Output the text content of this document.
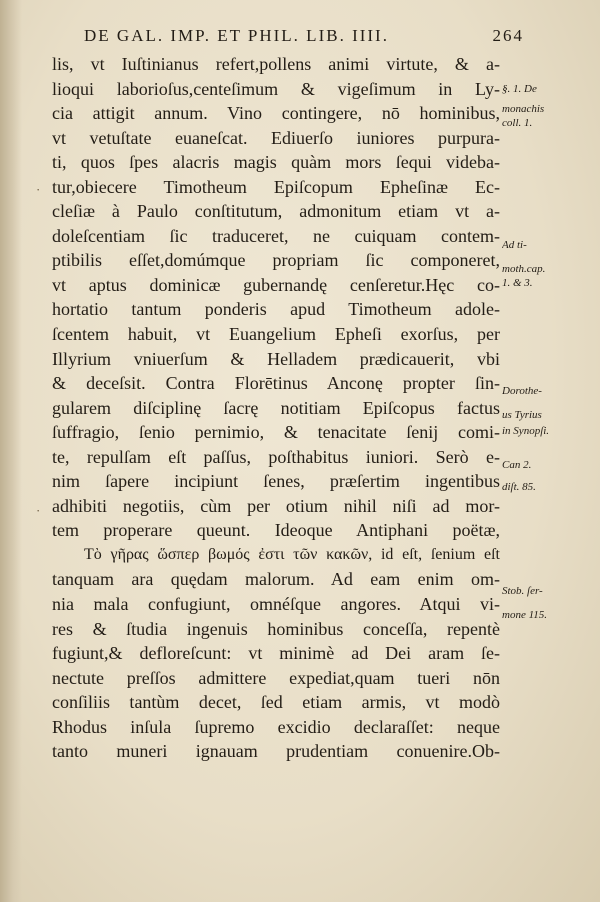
DE GAL. IMP. ET PHIL. LIB. IIII.	264
·
·
lis, vt Iuſtinianus refert,pollens animi virtute, & a-
lioqui laborioſus,centeſimum & vigeſimum in Ly-
cia attigit annum. Vino contingere, nō hominibus,
vt vetuſtate euaneſcat. Ediuerſo iuniores purpura-
ti, quos ſpes alacris magis quàm mors ſequi videba-
tur,obiecere Timotheum Epiſcopum Epheſinæ Ec-
cleſiæ à Paulo conſtitutum, admonitum etiam vt a-
doleſcentiam ſic traduceret, ne cuiquam contem-
ptibilis eſſet,domúmque propriam ſic componeret,
vt aptus dominicæ gubernandę cenſeretur.Hęc co-
hortatio tantum ponderis apud Timotheum adole-
ſcentem habuit, vt Euangelium Epheſi exorſus, per
Illyrium vniuerſum & Helladem prædicauerit, vbi
& deceſsit. Contra Florētinus Anconę propter ſin-
gularem diſciplinę ſacrę notitiam Epiſcopus factus
ſuffragio, ſenio pernimio, & tenacitate ſenij comi-
te, repulſam eſt paſſus, poſthabitus iuniori. Serò e-
nim ſapere incipiunt ſenes, præſertim ingentibus
adhibiti negotiis, cùm per otium nihil niſi ad mor-
tem properare queunt. Ideoque Antiphani poëtæ,
Τὸ γῆρας ὥσπερ βωμός ἐστι τῶν κακῶν, id eſt, ſenium eſt
tanquam ara quędam malorum. Ad eam enim om-
nia mala confugiunt, omnéſque angores. Atqui vi-
res & ſtudia ingenuis hominibus conceſſa, repentè
fugiunt,& defloreſcunt: vt minimè ad Dei aram ſe-
nectute preſſos admittere expediat,quam tueri nōn
conſiliis tantùm decet, ſed etiam armis, vt modò
Rhodus inſula ſupremo excidio declaraſſet: neque
tanto muneri ignauam prudentiam conuenire.Ob-
§. 1. De
monachis
coll. 1.
Ad ti-
moth.cap.
1. & 3.
Dorothe-
us Tyrius
in Synopſi.
Can 2.
diſt. 85.
Stob. ſer-
mone 115.
